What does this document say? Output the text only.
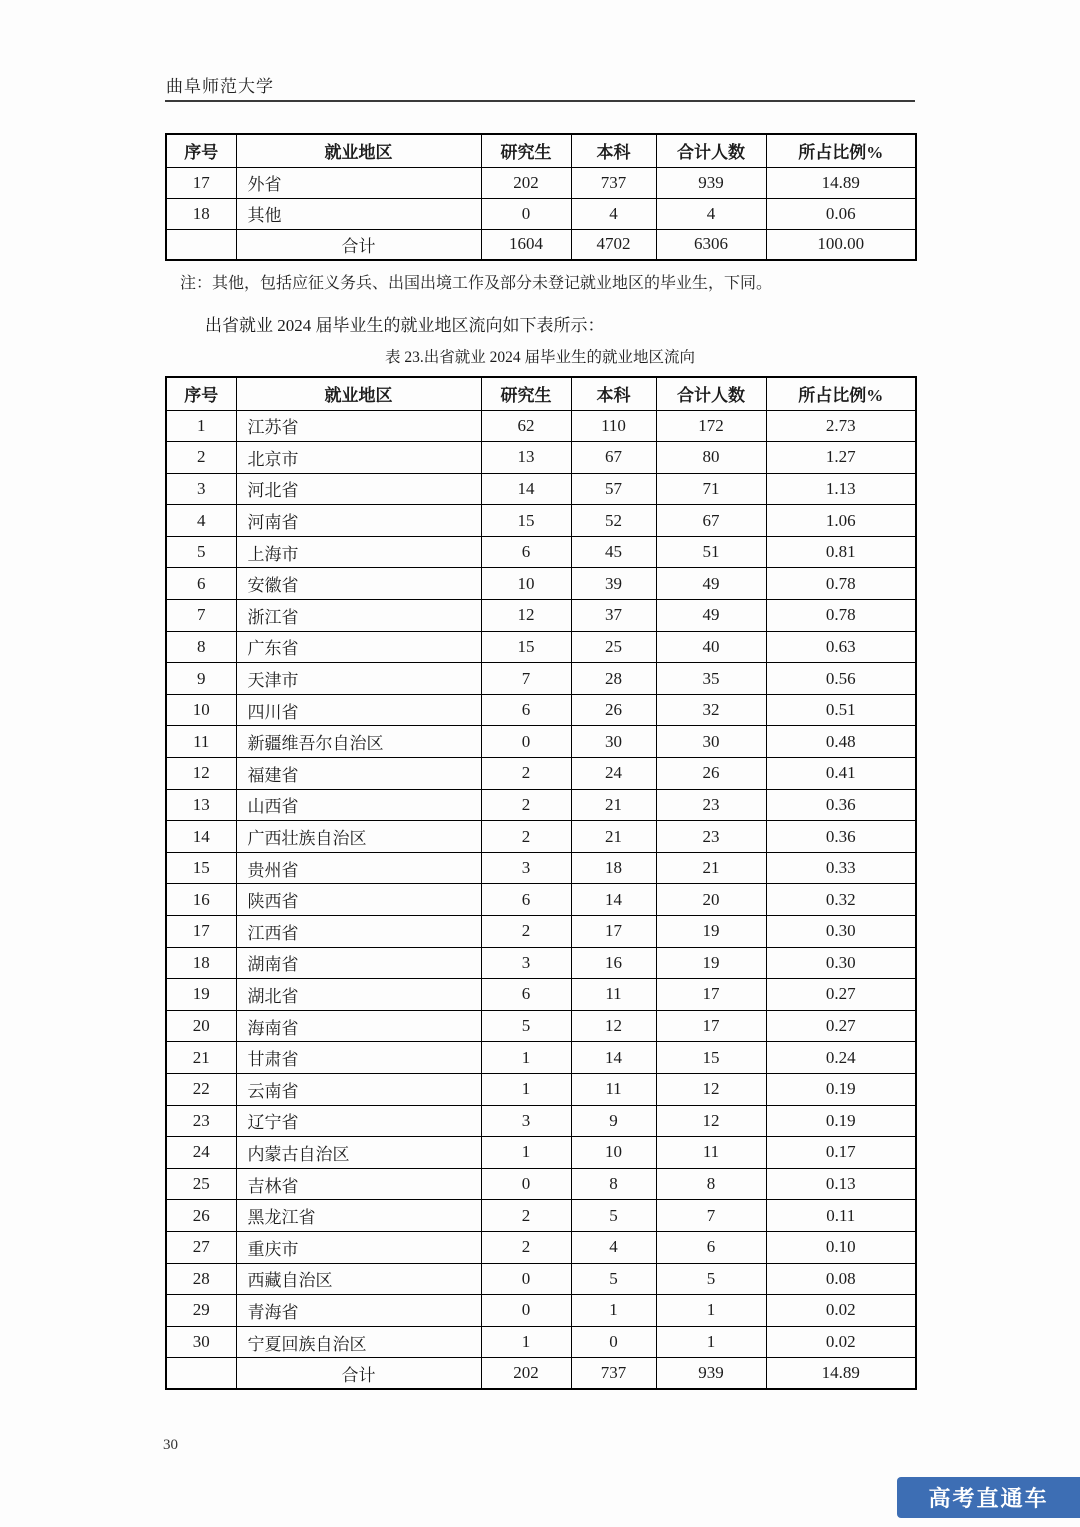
曲阜师范大学
序号	就业地区	研究生	本科	合计人数	所占比例%
17	外省	202	737	939	14.89
18	其他	0	4	4	0.06
	合计	1604	4702	6306	100.00
注：其他，包括应征义务兵、出国出境工作及部分未登记就业地区的毕业生，下同。
出省就业 2024 届毕业生的就业地区流向如下表所示：
表 23.出省就业 2024 届毕业生的就业地区流向
序号	就业地区	研究生	本科	合计人数	所占比例%
1	江苏省	62	110	172	2.73
2	北京市	13	67	80	1.27
3	河北省	14	57	71	1.13
4	河南省	15	52	67	1.06
5	上海市	6	45	51	0.81
6	安徽省	10	39	49	0.78
7	浙江省	12	37	49	0.78
8	广东省	15	25	40	0.63
9	天津市	7	28	35	0.56
10	四川省	6	26	32	0.51
11	新疆维吾尔自治区	0	30	30	0.48
12	福建省	2	24	26	0.41
13	山西省	2	21	23	0.36
14	广西壮族自治区	2	21	23	0.36
15	贵州省	3	18	21	0.33
16	陕西省	6	14	20	0.32
17	江西省	2	17	19	0.30
18	湖南省	3	16	19	0.30
19	湖北省	6	11	17	0.27
20	海南省	5	12	17	0.27
21	甘肃省	1	14	15	0.24
22	云南省	1	11	12	0.19
23	辽宁省	3	9	12	0.19
24	内蒙古自治区	1	10	11	0.17
25	吉林省	0	8	8	0.13
26	黑龙江省	2	5	7	0.11
27	重庆市	2	4	6	0.10
28	西藏自治区	0	5	5	0.08
29	青海省	0	1	1	0.02
30	宁夏回族自治区	1	0	1	0.02
	合计	202	737	939	14.89
30
高考直通车
